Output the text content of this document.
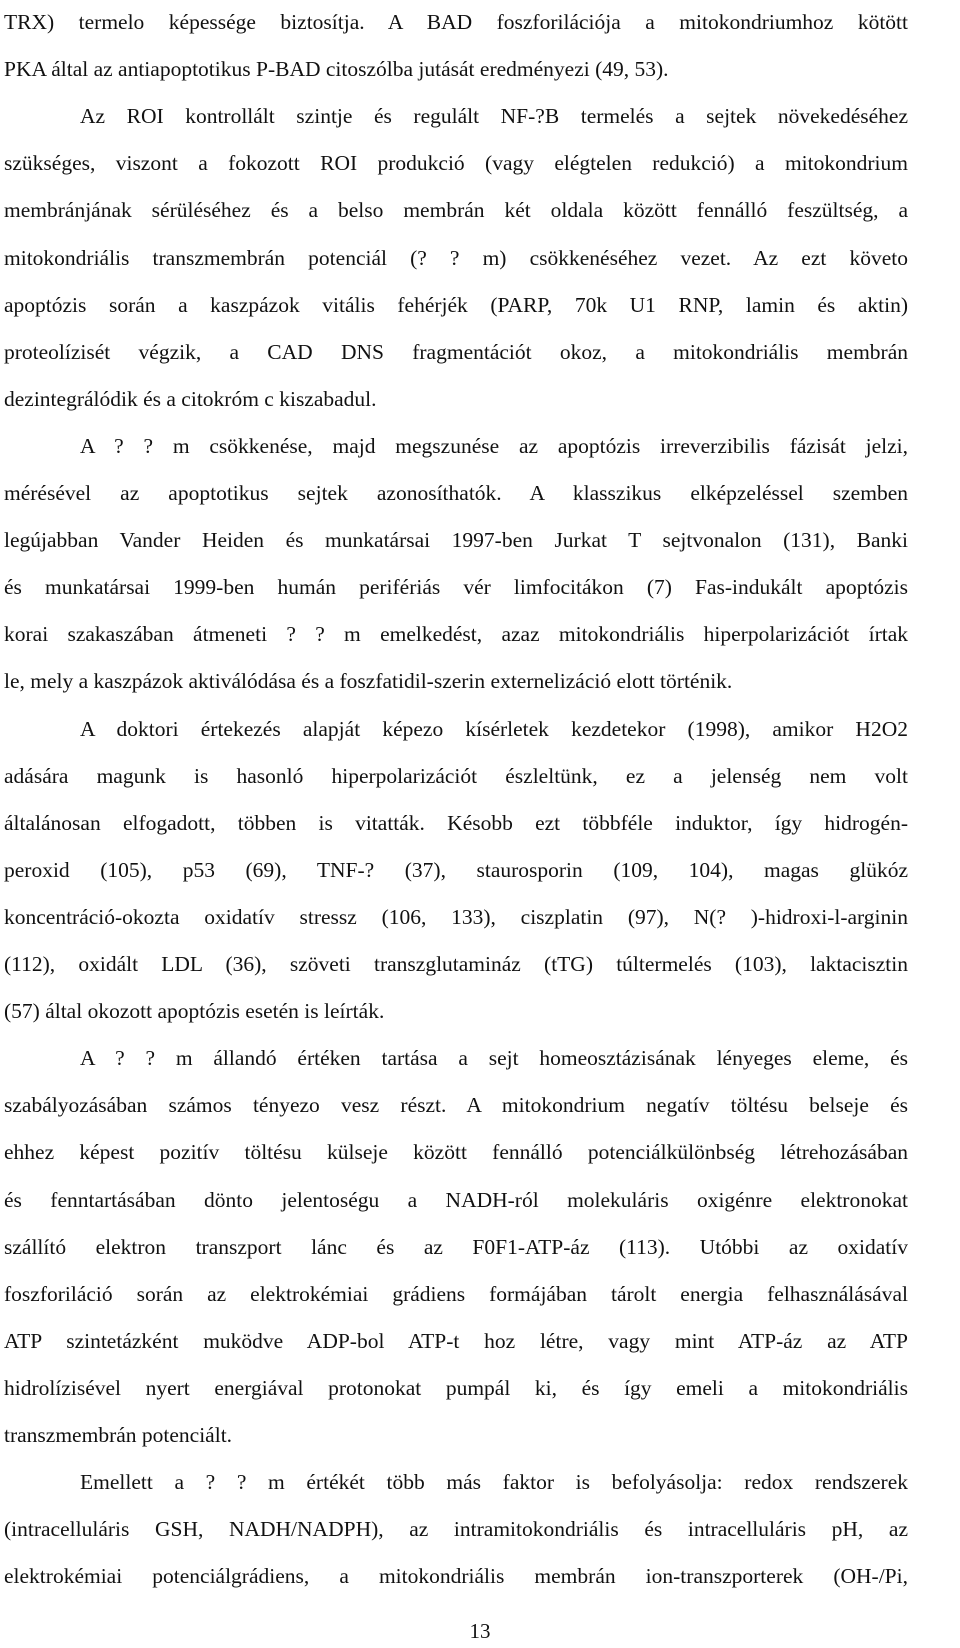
TRX) termelo képessége biztosítja. A BAD foszforilációja a mitokondriumhoz kötött
PKA által az antiapoptotikus P-BAD citoszólba jutását eredményezi (49, 53).
Az ROI kontrollált szintje és regulált NF-?B termelés a sejtek növekedéséhez
szükséges, viszont a fokozott ROI produkció (vagy elégtelen redukció) a mitokondrium
membránjának sérüléséhez és a belso membrán két oldala között fennálló feszültség, a
mitokondriális transzmembrán potenciál (? ? m) csökkenéséhez vezet. Az ezt követo
apoptózis során a kaszpázok vitális fehérjék (PARP, 70k U1 RNP, lamin és aktin)
proteolízisét végzik, a CAD DNS fragmentációt okoz, a mitokondriális membrán
dezintegrálódik és a citokróm c kiszabadul.
A ? ? m csökkenése, majd megszunése az apoptózis irreverzibilis fázisát jelzi,
mérésével az apoptotikus sejtek azonosíthatók. A klasszikus elképzeléssel szemben
legújabban Vander Heiden és munkatársai 1997-ben Jurkat T sejtvonalon (131), Banki
és munkatársai 1999-ben humán perifériás vér limfocitákon (7) Fas-indukált apoptózis
korai szakaszában átmeneti ? ? m emelkedést, azaz mitokondriális hiperpolarizációt írtak
le, mely a kaszpázok aktiválódása és a foszfatidil-szerin externelizáció elott történik.
A doktori értekezés alapját képezo kísérletek kezdetekor (1998), amikor H2O2
adására magunk is hasonló hiperpolarizációt észleltünk, ez a jelenség nem volt
általánosan elfogadott, többen is vitatták. Késobb ezt többféle induktor, így hidrogén-
peroxid (105), p53 (69), TNF-? (37), staurosporin (109, 104), magas glükóz
koncentráció-okozta oxidatív stressz (106, 133), ciszplatin (97), N(? )-hidroxi-l-arginin
(112), oxidált LDL (36), szöveti transzglutamináz (tTG) túltermelés (103), laktacisztin
(57) által okozott apoptózis esetén is leírták.
A ? ? m állandó értéken tartása a sejt homeosztázisának lényeges eleme, és
szabályozásában számos tényezo vesz részt. A mitokondrium negatív töltésu belseje és
ehhez képest pozitív töltésu külseje között fennálló potenciálkülönbség létrehozásában
és fenntartásában dönto jelentoségu a NADH-ról molekuláris oxigénre elektronokat
szállító elektron transzport lánc és az F0F1-ATP-áz (113). Utóbbi az oxidatív
foszforiláció során az elektrokémiai grádiens formájában tárolt energia felhasználásával
ATP szintetázként muködve ADP-bol ATP-t hoz létre, vagy mint ATP-áz az ATP
hidrolízisével nyert energiával protonokat pumpál ki, és így emeli a mitokondriális
transzmembrán potenciált.
Emellett a ? ? m értékét több más faktor is befolyásolja: redox rendszerek
(intracelluláris GSH, NADH/NADPH), az intramitokondriális és intracelluláris pH, az
elektrokémiai potenciálgrádiens, a mitokondriális membrán ion-transzporterek (OH-/Pi,
13
